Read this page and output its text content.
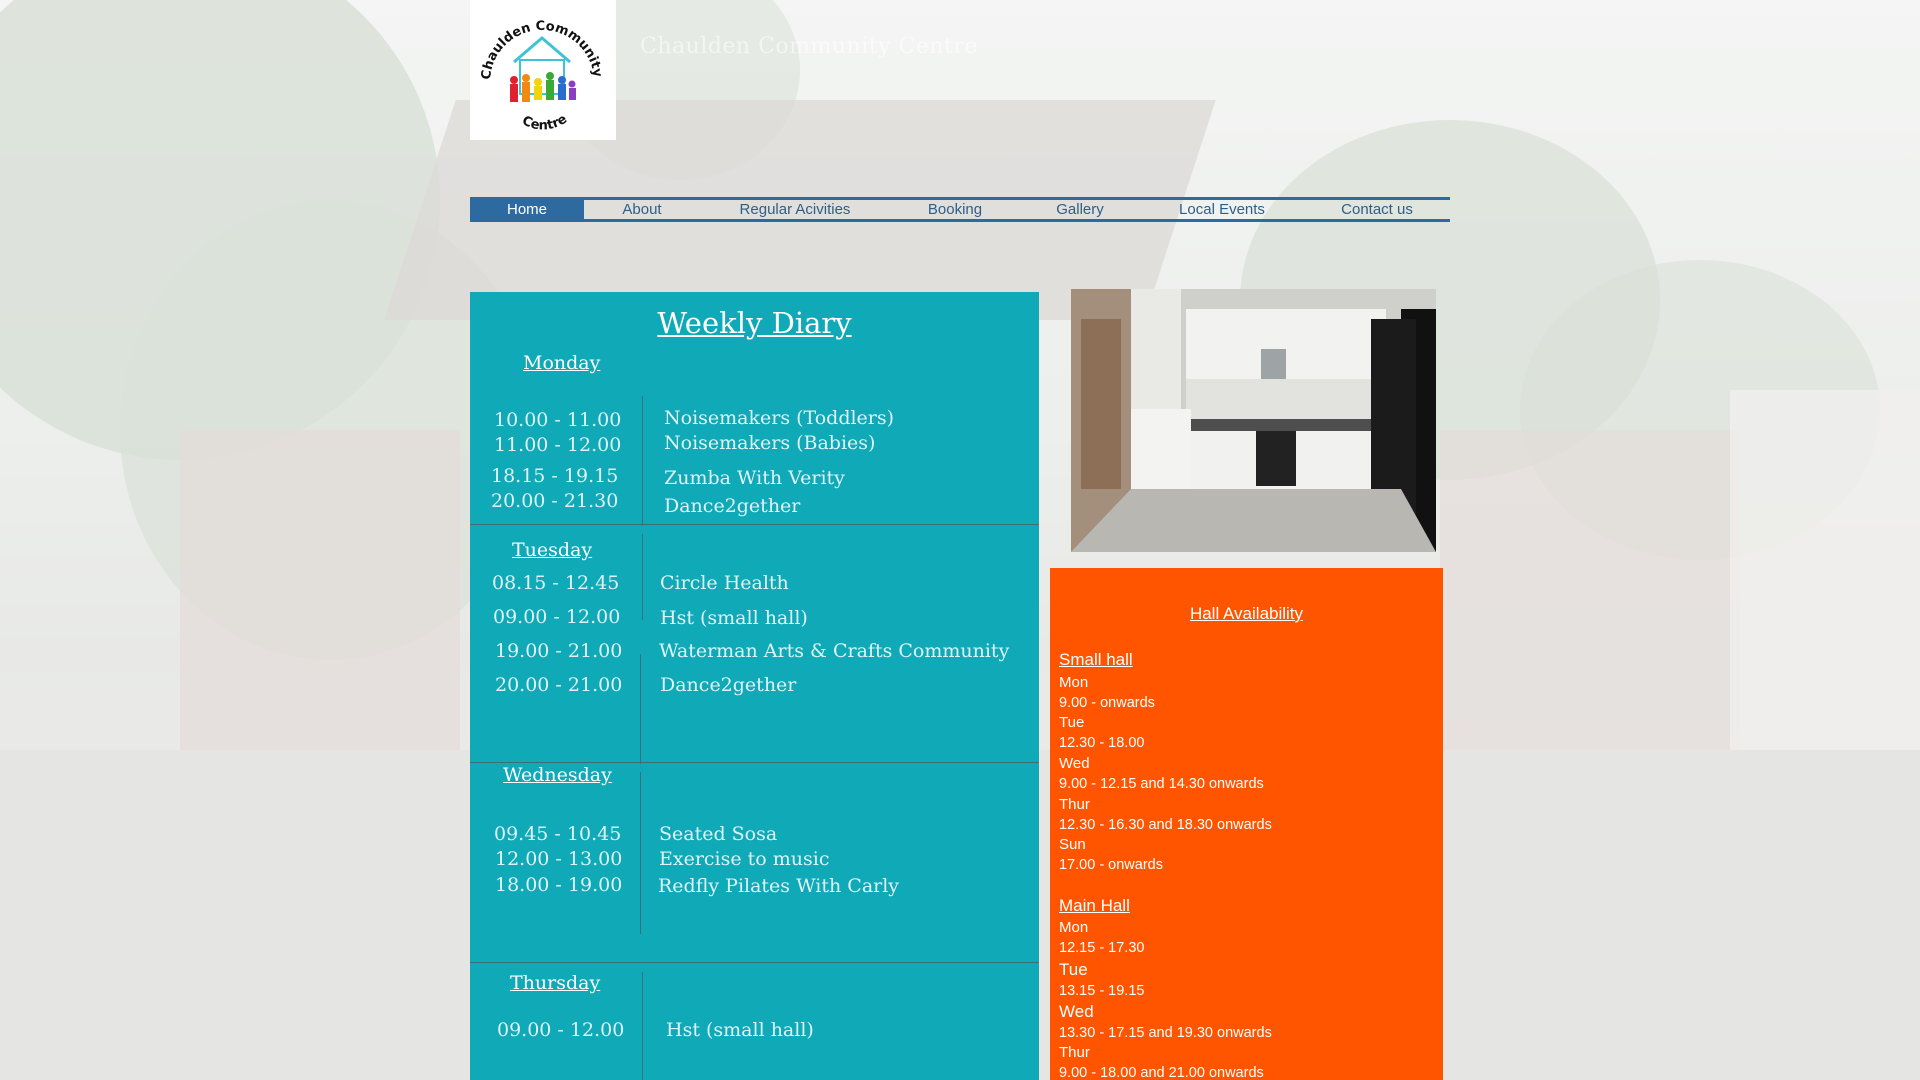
Chaulden Community
Centre
Chaulden Community Centre
Home	About	Regular Acivities	Booking	Gallery	Local Events	Contact us
Weekly Diary
Monday
10.00 - 11.00 Noisemakers (Toddlers)
11.00 - 12.00 Noisemakers (Babies)
18.15 - 19.15 Zumba With Verity
20.00 - 21.30 Dance2gether
Tuesday
08.15 - 12.45 Circle Health
09.00 - 12.00 Hst (small hall)
19.00 - 21.00 Waterman Arts & Crafts Community
20.00 - 21.00 Dance2gether
Wednesday
09.45 - 10.45 Seated Sosa
12.00 - 13.00 Exercise to music
18.00 - 19.00 Redfly Pilates With Carly
Thursday
09.00 - 12.00 Hst (small hall)
Hall Availability
Small hall
Mon
9.00 - onwards
Tue
12.30 - 18.00
Wed
9.00 - 12.15 and 14.30 onwards
Thur
12.30 - 16.30 and 18.30 onwards
Sun
17.00 - onwards
Main Hall
Mon
12.15 - 17.30
Tue
13.15 - 19.15
Wed
13.30 - 17.15 and 19.30 onwards
Thur
9.00 - 18.00 and 21.00 onwards
